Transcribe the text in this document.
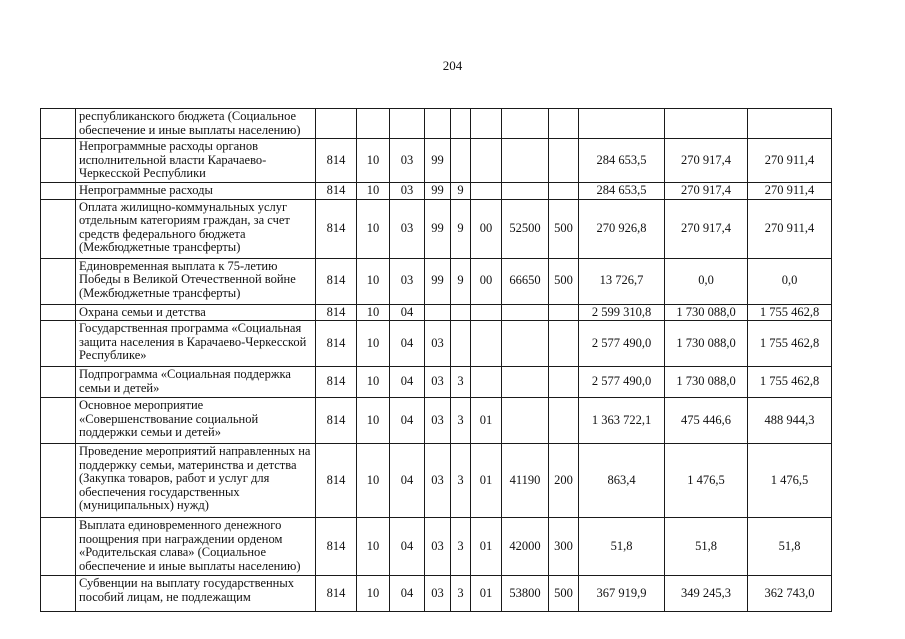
204
	республиканского бюджета (Социальное обеспечение и иные выплаты населению)											
	Непрограммные расходы органов исполнительной власти Карачаево-Черкесской Республики	814	10	03	99					284 653,5	270 917,4	270 911,4
	Непрограммные расходы	814	10	03	99	9				284 653,5	270 917,4	270 911,4
	Оплата жилищно-коммунальных услуг отдельным категориям граждан, за счет средств федерального бюджета (Межбюджетные трансферты)	814	10	03	99	9	00	52500	500	270 926,8	270 917,4	270 911,4
	Единовременная выплата к 75-летию Победы в Великой Отечественной войне (Межбюджетные трансферты)	814	10	03	99	9	00	66650	500	13 726,7	0,0	0,0
	Охрана семьи и детства	814	10	04						2 599 310,8	1 730 088,0	1 755 462,8
	Государственная программа «Социальная защита населения в Карачаево-Черкесской Республике»	814	10	04	03					2 577 490,0	1 730 088,0	1 755 462,8
	Подпрограмма «Социальная поддержка семьи и детей»	814	10	04	03	3				2 577 490,0	1 730 088,0	1 755 462,8
	Основное мероприятие «Совершенствование социальной поддержки семьи и детей»	814	10	04	03	3	01			1 363 722,1	475 446,6	488 944,3
	Проведение мероприятий направленных на поддержку семьи, материнства и детства (Закупка товаров, работ и услуг для обеспечения государственных (муниципальных) нужд)	814	10	04	03	3	01	41190	200	863,4	1 476,5	1 476,5
	Выплата единовременного денежного поощрения при награждении орденом «Родительская слава» (Социальное обеспечение и иные выплаты населению)	814	10	04	03	3	01	42000	300	51,8	51,8	51,8
	Субвенции на выплату государственных пособий лицам, не подлежащим	814	10	04	03	3	01	53800	500	367 919,9	349 245,3	362 743,0
